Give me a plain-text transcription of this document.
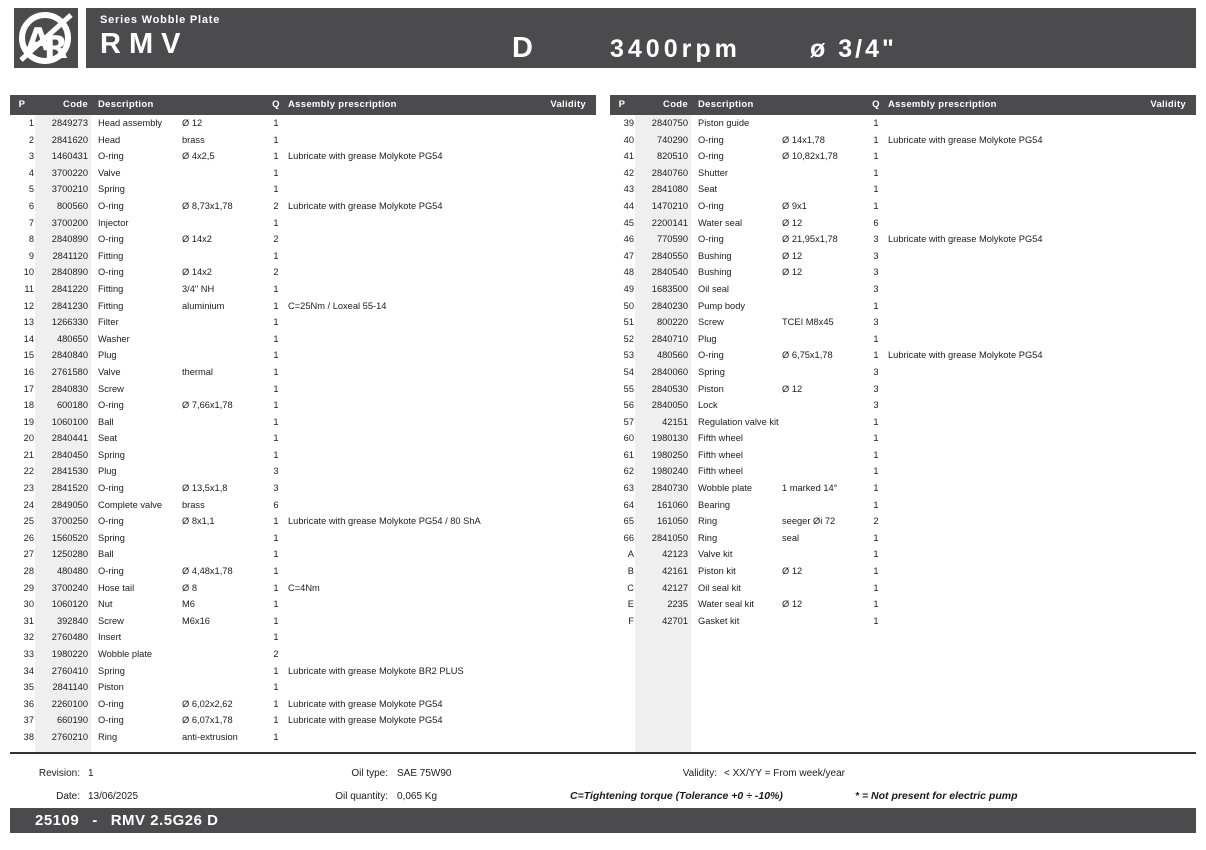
A
R
Series Wobble Plate
RMV	D	3400rpm	ø 3/4"
P	Code	Description	Q Assembly prescription	Validity
1	2849273	Head assembly	Ø 12	1
2	2841620	Head	brass	1
3	1460431	O-ring	Ø 4x2,5	1	Lubricate with grease Molykote PG54
4	3700220	Valve	1
5	3700210	Spring	1
6	800560	O-ring	Ø 8,73x1,78	2	Lubricate with grease Molykote PG54
7	3700200	Injector	1
8	2840890	O-ring	Ø 14x2	2
9	2841120	Fitting	1
10	2840890	O-ring	Ø 14x2	2
11	2841220	Fitting	3/4" NH	1
12	2841230	Fitting	aluminium	1	C=25Nm / Loxeal 55-14
13	1266330	Filter	1
14	480650	Washer	1
15	2840840	Plug	1
16	2761580	Valve	thermal	1
17	2840830	Screw	1
18	600180	O-ring	Ø 7,66x1,78	1
19	1060100	Ball	1
20	2840441	Seat	1
21	2840450	Spring	1
22	2841530	Plug	3
23	2841520	O-ring	Ø 13,5x1,8	3
24	2849050	Complete valve	brass	6
25	3700250	O-ring	Ø 8x1,1	1	Lubricate with grease Molykote PG54 / 80 ShA
26	1560520	Spring	1
27	1250280	Ball	1
28	480480	O-ring	Ø 4,48x1,78	1
29	3700240	Hose tail	Ø 8	1	C=4Nm
30	1060120	Nut	M6	1
31	392840	Screw	M6x16	1
32	2760480	Insert	1
33	1980220	Wobble plate	2
34	2760410	Spring	1	Lubricate with grease Molykote BR2 PLUS
35	2841140	Piston	1
36	2260100	O-ring	Ø 6,02x2,62	1	Lubricate with grease Molykote PG54
37	660190	O-ring	Ø 6,07x1,78	1	Lubricate with grease Molykote PG54
38	2760210	Ring	anti-extrusion	1
P	Code	Description	Q Assembly prescription	Validity
39	2840750	Piston guide	1
40	740290	O-ring	Ø 14x1,78	1	Lubricate with grease Molykote PG54
41	820510	O-ring	Ø 10,82x1,78	1
42	2840760	Shutter	1
43	2841080	Seat	1
44	1470210	O-ring	Ø 9x1	1
45	2200141	Water seal	Ø 12	6
46	770590	O-ring	Ø 21,95x1,78	3	Lubricate with grease Molykote PG54
47	2840550	Bushing	Ø 12	3
48	2840540	Bushing	Ø 12	3
49	1683500	Oil seal	3
50	2840230	Pump body	1
51	800220	Screw	TCEI M8x45	3
52	2840710	Plug	1
53	480560	O-ring	Ø 6,75x1,78	1	Lubricate with grease Molykote PG54
54	2840060	Spring	3
55	2840530	Piston	Ø 12	3
56	2840050	Lock	3
57	42151	Regulation valve kit	1
60	1980130	Fifth wheel	1
61	1980250	Fifth wheel	1
62	1980240	Fifth wheel	1
63	2840730	Wobble plate	1 marked 14°	1
64	161060	Bearing	1
65	161050	Ring	seeger Øi 72	2
66	2841050	Ring	seal	1
A	42123	Valve kit	1
B	42161	Piston kit	Ø 12	1
C	42127	Oil seal kit	1
E	2235	Water seal kit	Ø 12	1
F	42701	Gasket kit	1
Revision: 1	Oil type: SAE 75W90	Validity: < XX/YY = From week/year
Date: 13/06/2025	Oil quantity: 0,065 Kg	C=Tightening torque (Tolerance +0 ÷ -10%)	* = Not present for electric pump
25109 - RMV 2.5G26 D
